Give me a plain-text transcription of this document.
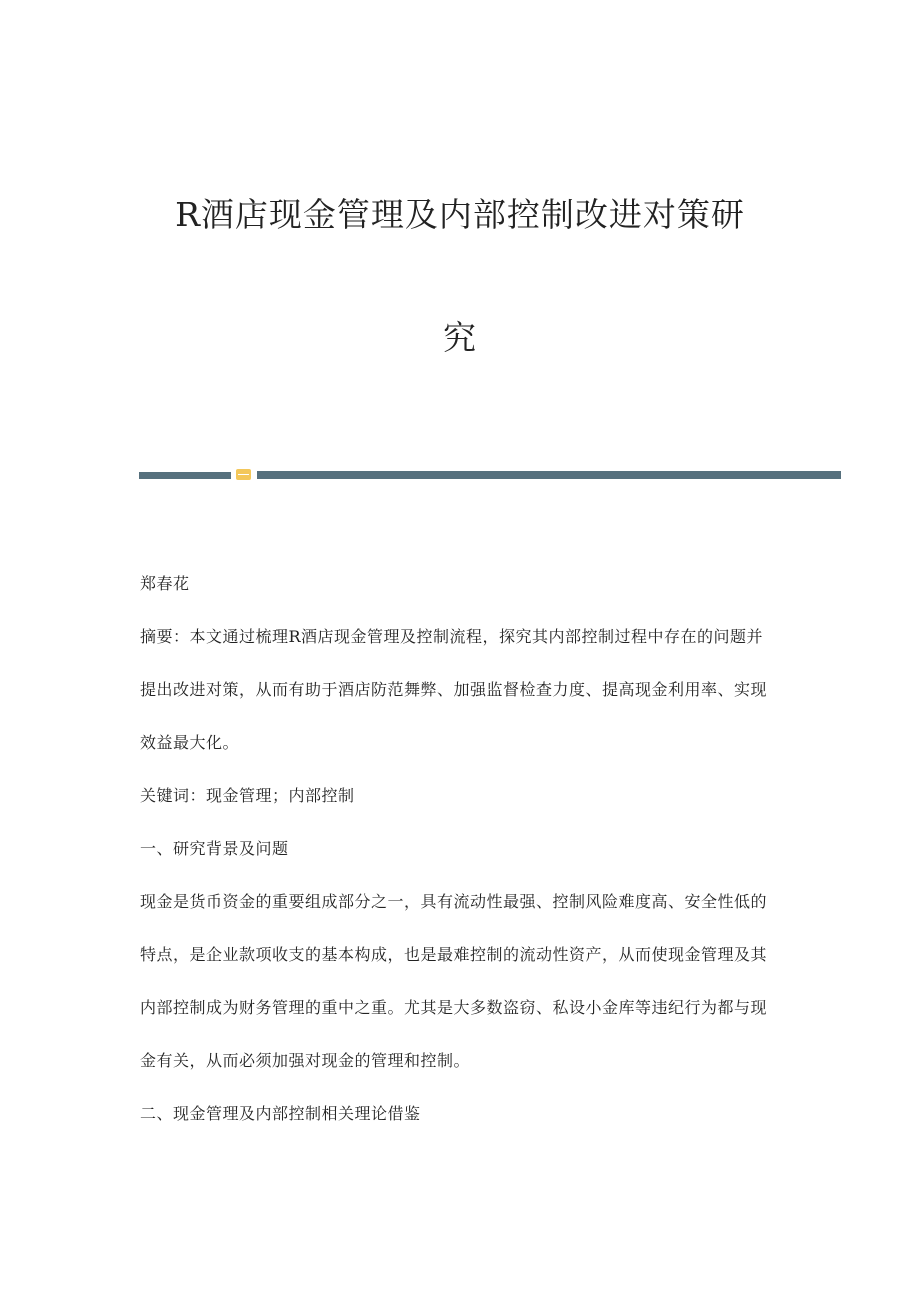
R酒店现金管理及内部控制改进对策研
究

郑春花

摘要：本文通过梳理R酒店现金管理及控制流程，探究其内部控制过程中存在的问题并提出改进对策，从而有助于酒店防范舞弊、加强监督检查力度、提高现金利用率、实现效益最大化。

关键词：现金管理；内部控制

一、研究背景及问题

现金是货币资金的重要组成部分之一，具有流动性最强、控制风险难度高、安全性低的特点，是企业款项收支的基本构成，也是最难控制的流动性资产，从而使现金管理及其内部控制成为财务管理的重中之重。尤其是大多数盗窃、私设小金库等违纪行为都与现金有关，从而必须加强对现金的管理和控制。

二、现金管理及内部控制相关理论借鉴
